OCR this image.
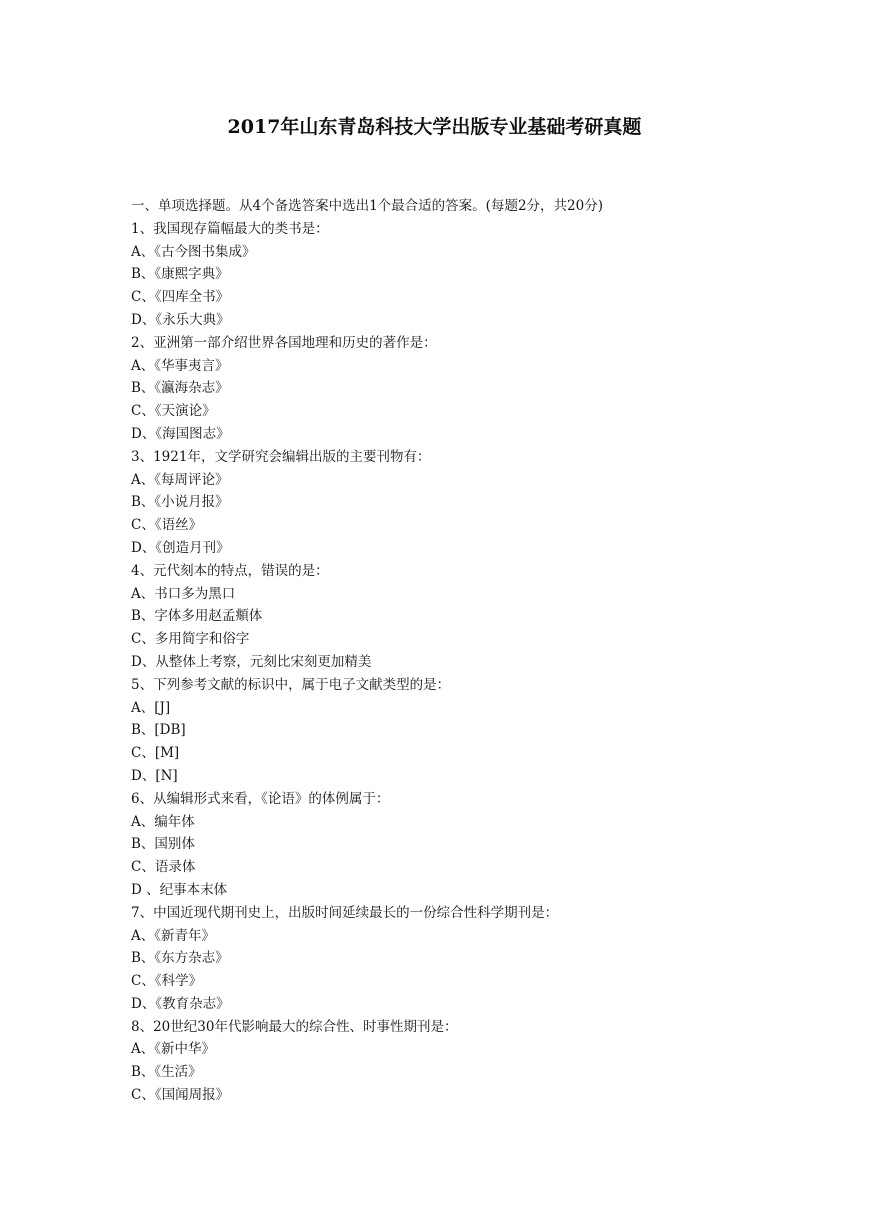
2017年山东青岛科技大学出版专业基础考研真题
一、单项选择题。从4个备选答案中选出1个最合适的答案。(每题2分，共20分)
1、我国现存篇幅最大的类书是：
A、《古今图书集成》
B、《康熙字典》
C、《四库全书》
D、《永乐大典》
2、亚洲第一部介绍世界各国地理和历史的著作是：
A、《华事夷言》
B、《瀛海杂志》
C、《天演论》
D、《海国图志》
3、1921年，文学研究会编辑出版的主要刊物有：
A、《每周评论》
B、《小说月报》
C、《语丝》
D、《创造月刊》
4、元代刻本的特点，错误的是：
A、书口多为黑口
B、字体多用赵孟頫体
C、多用简字和俗字
D、从整体上考察，元刻比宋刻更加精美
5、下列参考文献的标识中，属于电子文献类型的是：
A、[J]
B、[DB]
C、[M]
D、[N]
6、从编辑形式来看，《论语》的体例属于：
A、编年体
B、国别体
C、语录体
D 、纪事本末体
7、中国近现代期刊史上，出版时间延续最长的一份综合性科学期刊是：
A、《新青年》
B、《东方杂志》
C、《科学》
D、《教育杂志》
8、20世纪30年代影响最大的综合性、时事性期刊是：
A、《新中华》
B、《生活》
C、《国闻周报》
